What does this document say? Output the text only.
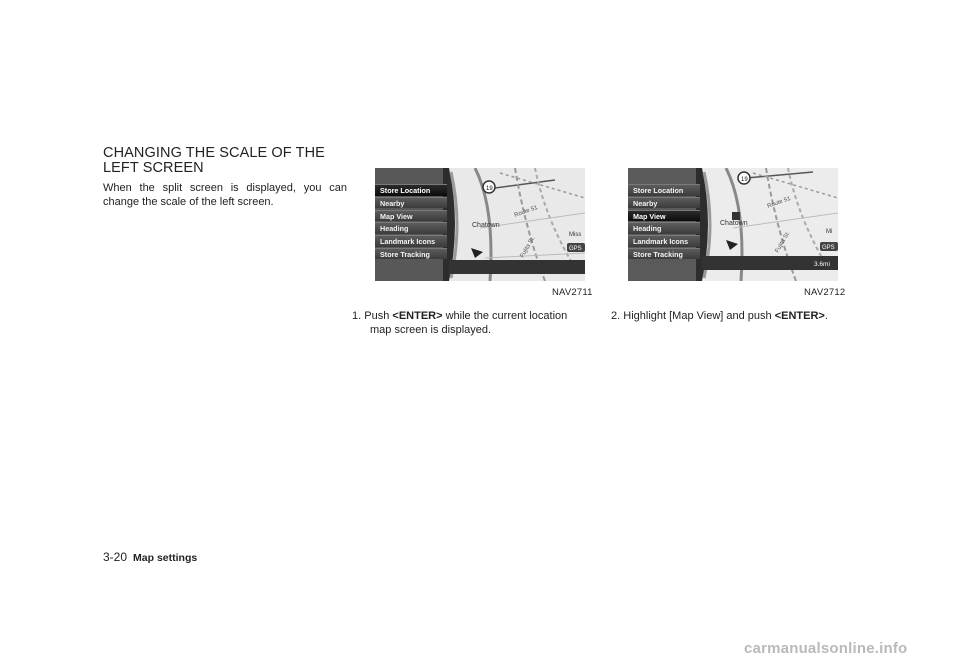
CHANGING THE SCALE OF THE LEFT SCREEN
When the split screen is displayed, you can change the scale of the left screen.
Chatown
Route 51
Fujita St.
19
GPS
Miss
Store Location
Nearby
Map View
Heading
Landmark Icons
Store Tracking
NAV2711
Chatown
Route 51
Fujita St.
19
GPS
Mi
3.6mi
Store Location
Nearby
Map View
Heading
Landmark Icons
Store Tracking
NAV2712
1. Push <ENTER> while the current location
map screen is displayed.
2. Highlight [Map View] and push <ENTER>.
3-20 Map settings
carmanualsonline.info
